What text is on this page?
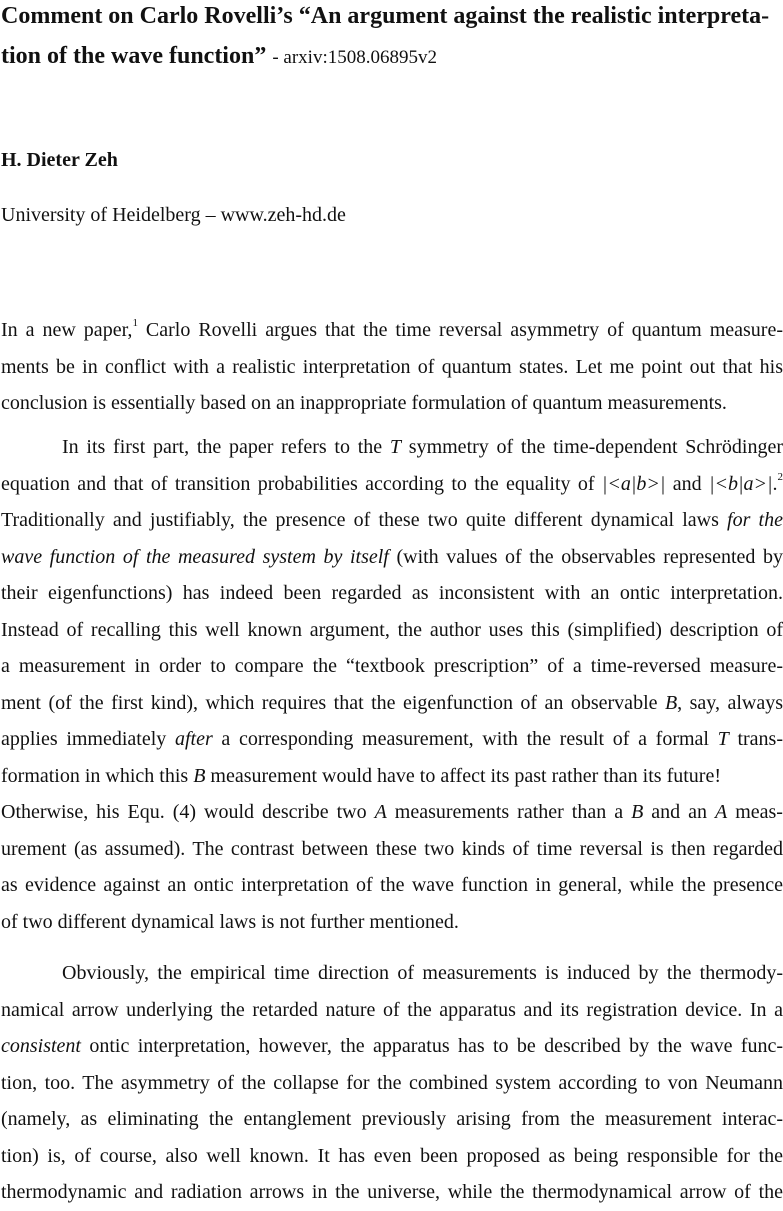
Comment on Carlo Rovelli’s “An argument against the realistic interpreta-
tion of the wave function” - arxiv:1508.06895v2

H. Dieter Zeh

University of Heidelberg – www.zeh-hd.de

In a new paper,$^1$ Carlo Rovelli argues that the time reversal asymmetry of quantum measure-
ments be in conflict with a realistic interpretation of quantum states. Let me point out that his
conclusion is essentially based on an inappropriate formulation of quantum measurements.

In its first part, the paper refers to the T symmetry of the time-dependent Schrödinger
equation and that of transition probabilities according to the equality of |<a|b>| and |<b|a>|.$^2$
Traditionally and justifiably, the presence of these two quite different dynamical laws for the
wave function of the measured system by itself (with values of the observables represented by
their eigenfunctions) has indeed been regarded as inconsistent with an ontic interpretation.
Instead of recalling this well known argument, the author uses this (simplified) description of
a measurement in order to compare the “textbook prescription” of a time-reversed measure-
ment (of the first kind), which requires that the eigenfunction of an observable B, say, always
applies immediately after a corresponding measurement, with the result of a formal T trans-
formation in which this B measurement would have to affect its past rather than its future!
Otherwise, his Equ. (4) would describe two A measurements rather than a B and an A meas-
urement (as assumed). The contrast between these two kinds of time reversal is then regarded
as evidence against an ontic interpretation of the wave function in general, while the presence
of two different dynamical laws is not further mentioned.

Obviously, the empirical time direction of measurements is induced by the thermody-
namical arrow underlying the retarded nature of the apparatus and its registration device. In a
consistent ontic interpretation, however, the apparatus has to be described by the wave func-
tion, too. The asymmetry of the collapse for the combined system according to von Neumann
(namely, as eliminating the entanglement previously arising from the measurement interac-
tion) is, of course, also well known. It has even been proposed as being responsible for the
thermodynamic and radiation arrows in the universe, while the thermodynamical arrow of the
